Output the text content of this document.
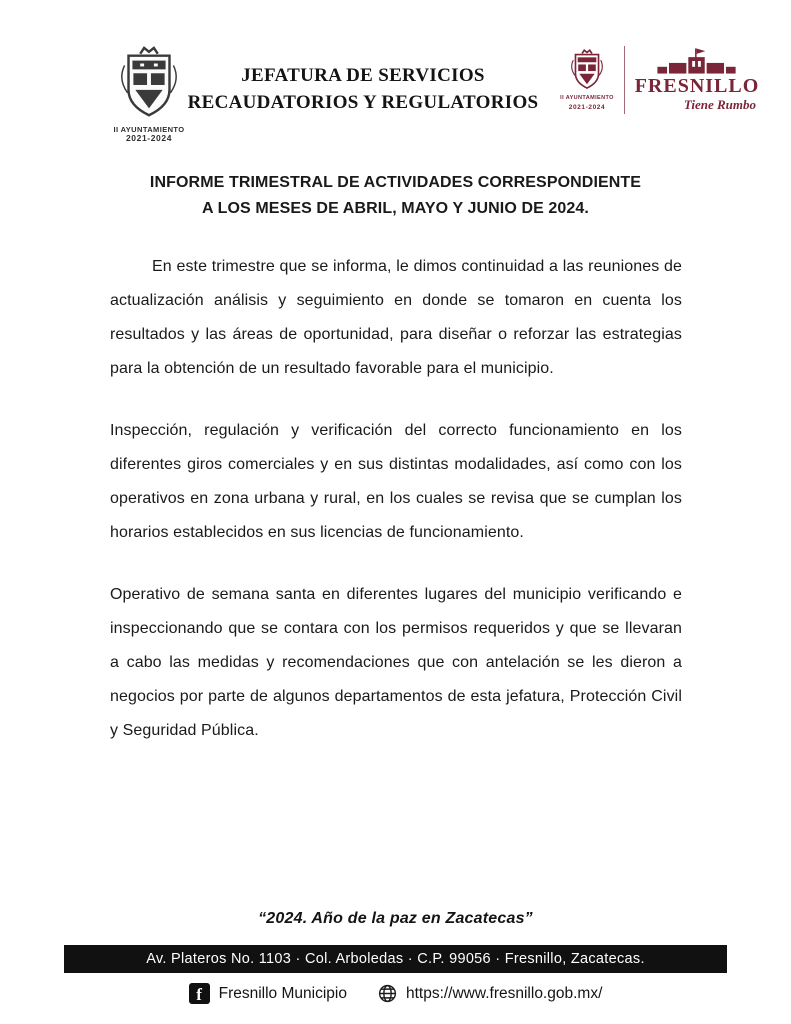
II AYUNTAMIENTO
2021-2024
JEFATURA DE SERVICIOS
RECAUDATORIOS Y REGULATORIOS	II AYUNTAMIENTO
2021-2024
FRESNILLO
Tiene Rumbo
INFORME TRIMESTRAL DE ACTIVIDADES CORRESPONDIENTE
A LOS MESES DE ABRIL, MAYO Y JUNIO DE 2024.

En este trimestre que se informa, le dimos continuidad a las reuniones de actualización análisis y seguimiento en donde se tomaron en cuenta los resultados y las áreas de oportunidad, para diseñar o reforzar las estrategias para la obtención de un resultado favorable para el municipio.

Inspección, regulación y verificación del correcto funcionamiento en los diferentes giros comerciales y en sus distintas modalidades, así como con los operativos en zona urbana y rural, en los cuales se revisa que se cumplan los horarios establecidos en sus licencias de funcionamiento.

Operativo de semana santa en diferentes lugares del municipio verificando e inspeccionando que se contara con los permisos requeridos y que se llevaran a cabo las medidas y recomendaciones que con antelación se les dieron a negocios por parte de algunos departamentos de esta jefatura, Protección Civil y Seguridad Pública.

“2024. Año de la paz en Zacatecas”
Av. Plateros No. 1103 · Col. Arboledas · C.P. 99056 · Fresnillo, Zacatecas.
f	Fresnillo Municipio	https://www.fresnillo.gob.mx/
